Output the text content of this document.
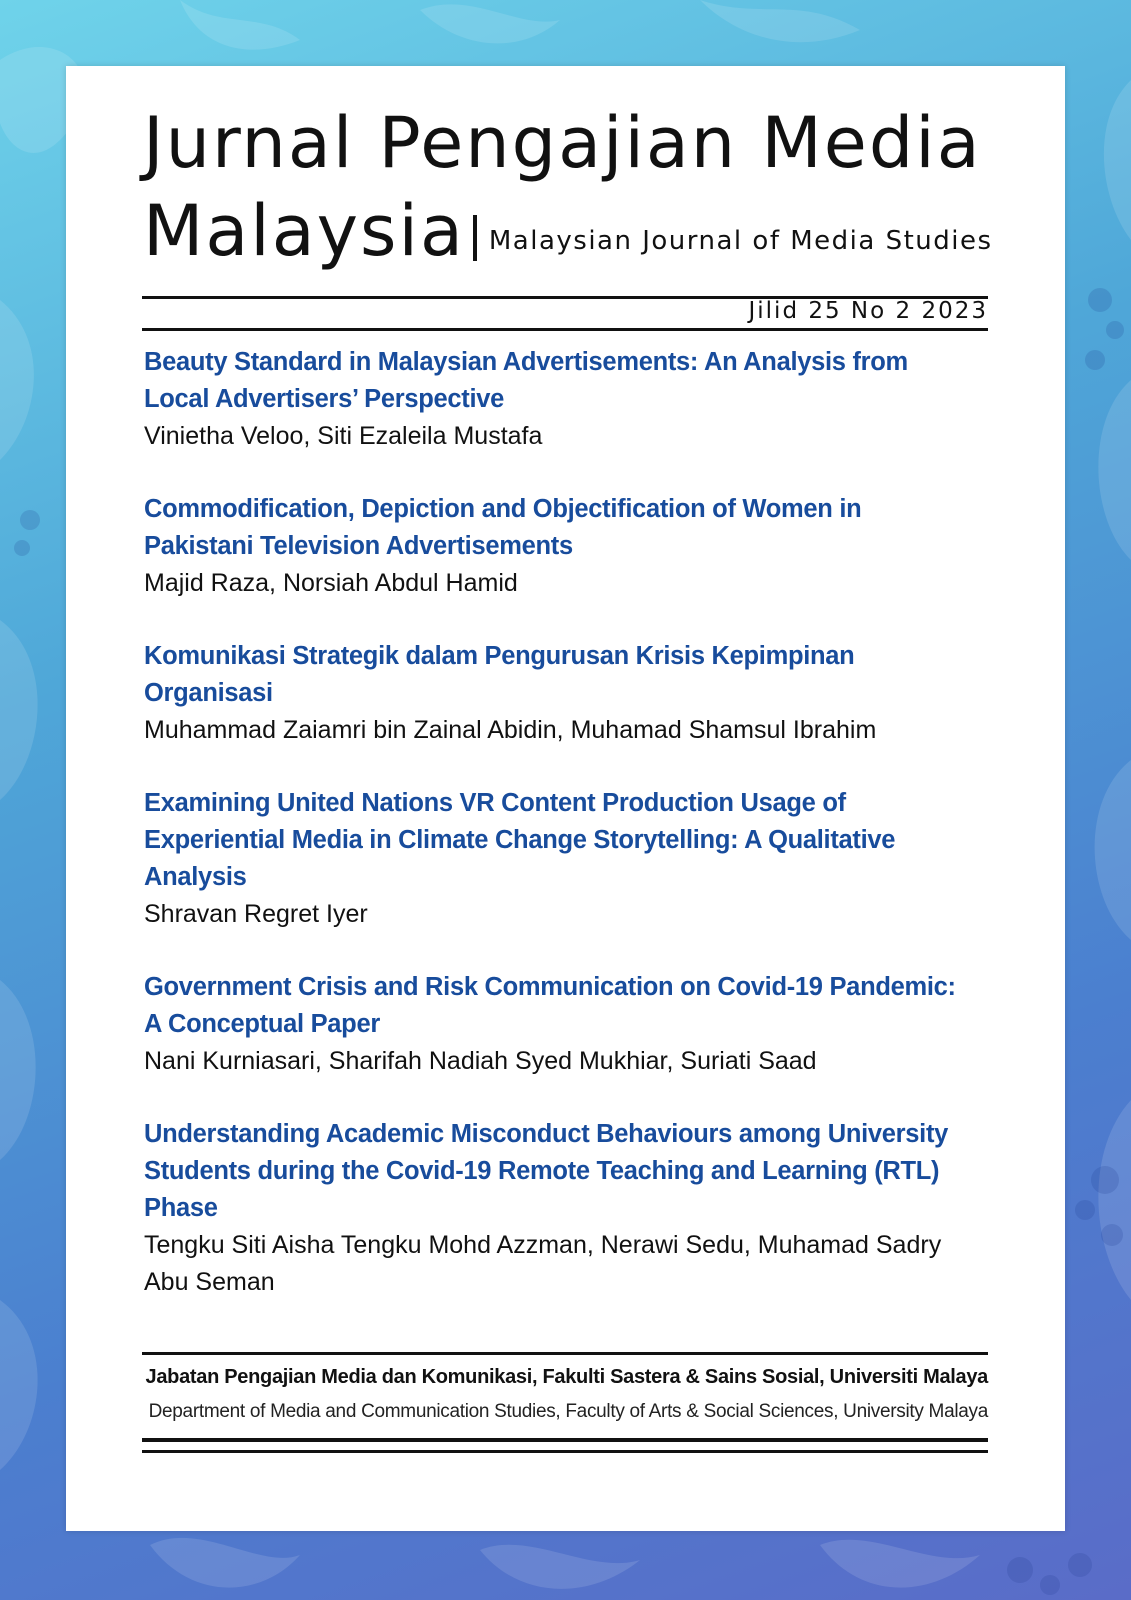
Jurnal Pengajian Media
Malaysia Malaysian Journal of Media Studies
Jilid 25 No 2 2023
Beauty Standard in Malaysian Advertisements: An Analysis from Local Advertisers’ Perspective
Vinietha Veloo, Siti Ezaleila Mustafa
Commodification, Depiction and Objectification of Women in Pakistani Television Advertisements
Majid Raza, Norsiah Abdul Hamid
Komunikasi Strategik dalam Pengurusan Krisis Kepimpinan Organisasi
Muhammad Zaiamri bin Zainal Abidin, Muhamad Shamsul Ibrahim
Examining United Nations VR Content Production Usage of Experiential Media in Climate Change Storytelling: A Qualitative Analysis
Shravan Regret Iyer
Government Crisis and Risk Communication on Covid-19 Pandemic: A Conceptual Paper
Nani Kurniasari, Sharifah Nadiah Syed Mukhiar, Suriati Saad
Understanding Academic Misconduct Behaviours among University Students during the Covid-19 Remote Teaching and Learning (RTL) Phase
Tengku Siti Aisha Tengku Mohd Azzman, Nerawi Sedu, Muhamad Sadry Abu Seman
Jabatan Pengajian Media dan Komunikasi, Fakulti Sastera & Sains Sosial, Universiti Malaya
Department of Media and Communication Studies, Faculty of Arts & Social Sciences, University Malaya
